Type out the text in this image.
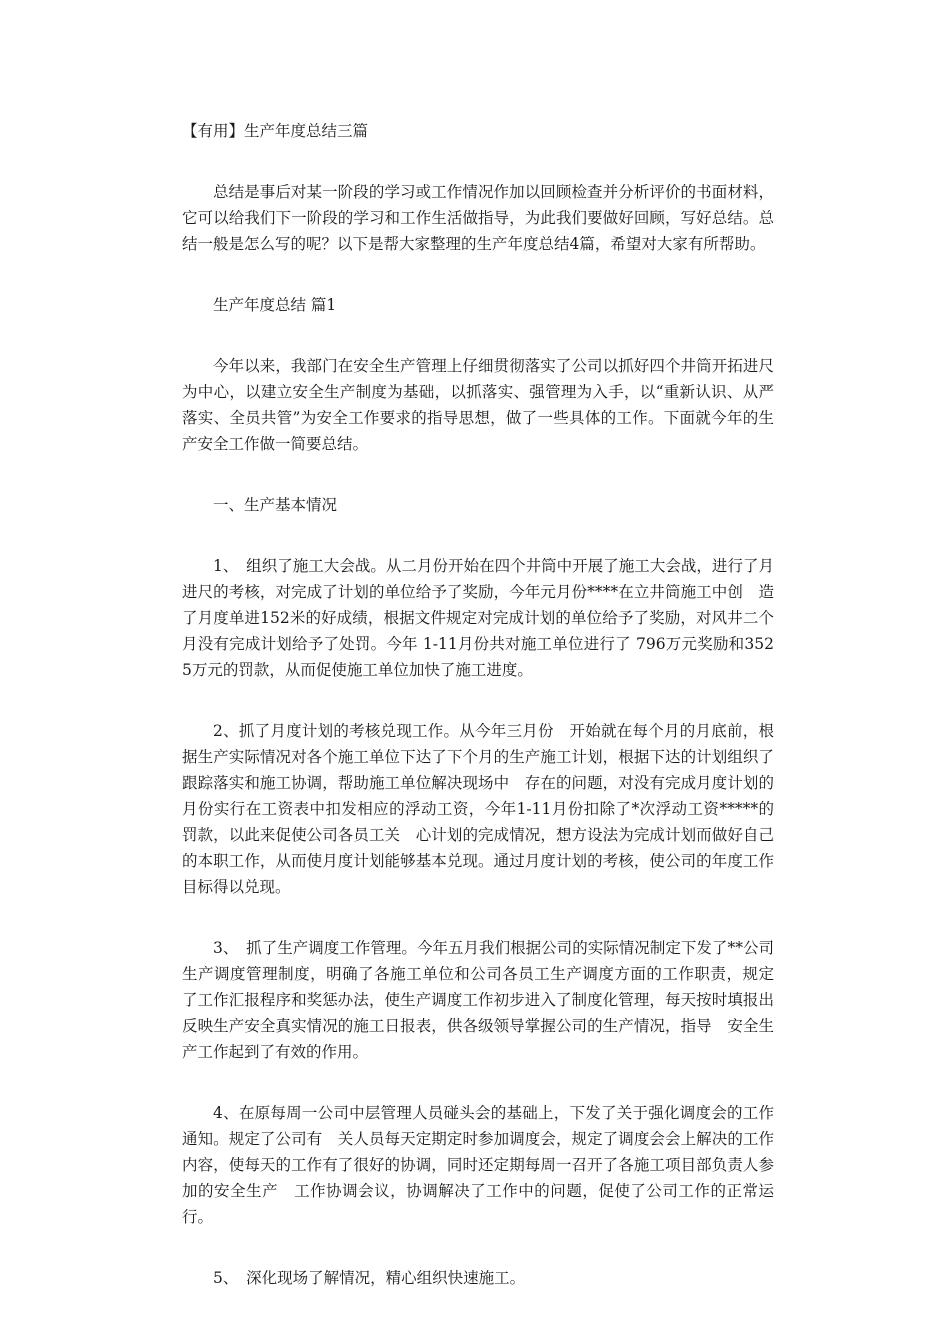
【有用】生产年度总结三篇

总结是事后对某一阶段的学习或工作情况作加以回顾检查并分析评价的书面材料，它可以给我们下一阶段的学习和工作生活做指导，为此我们要做好回顾，写好总结。总结一般是怎么写的呢？以下是帮大家整理的生产年度总结4篇，希望对大家有所帮助。

生产年度总结 篇1

今年以来，我部门在安全生产管理上仔细贯彻落实了公司以抓好四个井筒开拓进尺为中心，以建立安全生产制度为基础，以抓落实、强管理为入手，以“重新认识、从严落实、全员共管”为安全工作要求的指导思想，做了一些具体的工作。下面就今年的生产安全工作做一简要总结。

一、生产基本情况

1、　组织了施工大会战。从二月份开始在四个井筒中开展了施工大会战，进行了月进尺的考核，对完成了计划的单位给予了奖励，今年元月份****在立井筒施工中创　造了月度单进152米的好成绩，根据文件规定对完成计划的单位给予了奖励，对风井二个月没有完成计划给予了处罚。今年 1-11月份共对施工单位进行了 796万元奖励和3525万元的罚款，从而促使施工单位加快了施工进度。

2、抓了月度计划的考核兑现工作。从今年三月份　开始就在每个月的月底前，根据生产实际情况对各个施工单位下达了下个月的生产施工计划，根据下达的计划组织了跟踪落实和施工协调，帮助施工单位解决现场中　存在的问题，对没有完成月度计划的月份实行在工资表中扣发相应的浮动工资，今年1-11月份扣除了*次浮动工资*****的罚款，以此来促使公司各员工关　心计划的完成情况，想方设法为完成计划而做好自己的本职工作，从而使月度计划能够基本兑现。通过月度计划的考核，使公司的年度工作目标得以兑现。

3、　抓了生产调度工作管理。今年五月我们根据公司的实际情况制定下发了**公司生产调度管理制度，明确了各施工单位和公司各员工生产调度方面的工作职责，规定　了工作汇报程序和奖惩办法，使生产调度工作初步进入了制度化管理，每天按时填报出反映生产安全真实情况的施工日报表，供各级领导掌握公司的生产情况，指导　安全生产工作起到了有效的作用。

4、在原每周一公司中层管理人员碰头会的基础上，下发了关于强化调度会的工作通知。规定了公司有　关人员每天定期定时参加调度会，规定了调度会会上解决的工作内容，使每天的工作有了很好的协调，同时还定期每周一召开了各施工项目部负责人参加的安全生产　工作协调会议，协调解决了工作中的问题，促使了公司工作的正常运行。

5、　深化现场了解情况，精心组织快速施工。
